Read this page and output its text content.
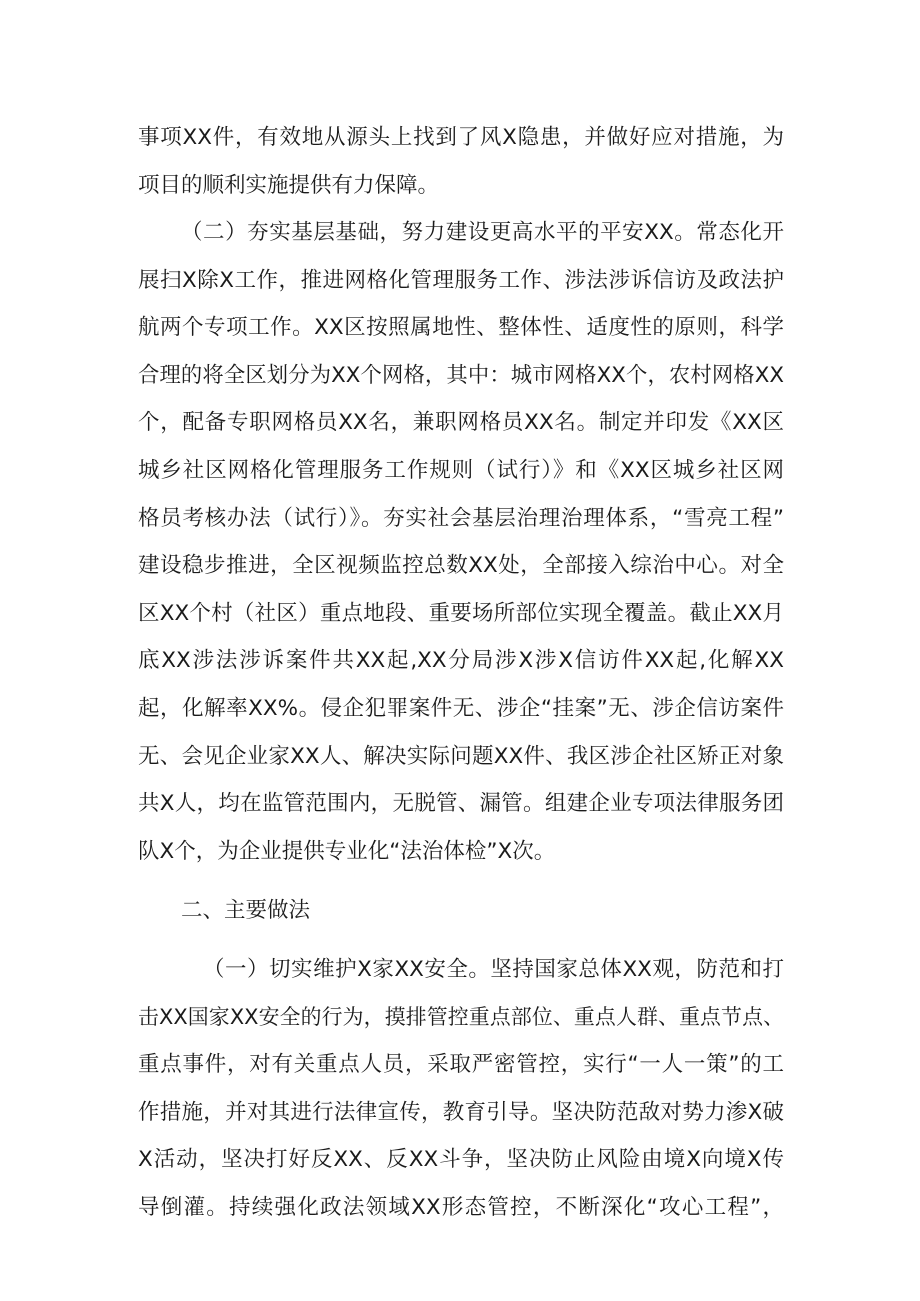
事项XX件，有效地从源头上找到了风X隐患，并做好应对措施，为
项目的顺利实施提供有力保障。
（二）夯实基层基础，努力建设更高水平的平安XX。常态化开
展扫X除X工作，推进网格化管理服务工作、涉法涉诉信访及政法护
航两个专项工作。XX区按照属地性、整体性、适度性的原则，科学
合理的将全区划分为XX个网格，其中：城市网格XX个，农村网格XX
个，配备专职网格员XX名，兼职网格员XX名。制定并印发《XX区
城乡社区网格化管理服务工作规则（试行）》和《XX区城乡社区网
格员考核办法（试行）》。夯实社会基层治理治理体系，“雪亮工程”
建设稳步推进，全区视频监控总数XX处，全部接入综治中心。对全
区XX个村（社区）重点地段、重要场所部位实现全覆盖。截止XX月
底XX涉法涉诉案件共XX起,XX分局涉X涉X信访件XX起,化解XX
起，化解率XX%。侵企犯罪案件无、涉企“挂案”无、涉企信访案件
无、会见企业家XX人、解决实际问题XX件、我区涉企社区矫正对象
共X人，均在监管范围内，无脱管、漏管。组建企业专项法律服务团
队X个，为企业提供专业化“法治体检”X次。
二、主要做法
（一）切实维护X家XX安全。坚持国家总体XX观，防范和打
击XX国家XX安全的行为，摸排管控重点部位、重点人群、重点节点、
重点事件，对有关重点人员，采取严密管控，实行“一人一策”的工
作措施，并对其进行法律宣传，教育引导。坚决防范敌对势力渗X破
X活动，坚决打好反XX、反XX斗争，坚决防止风险由境X向境X传
导倒灌。持续强化政法领域XX形态管控，不断深化“攻心工程”，
